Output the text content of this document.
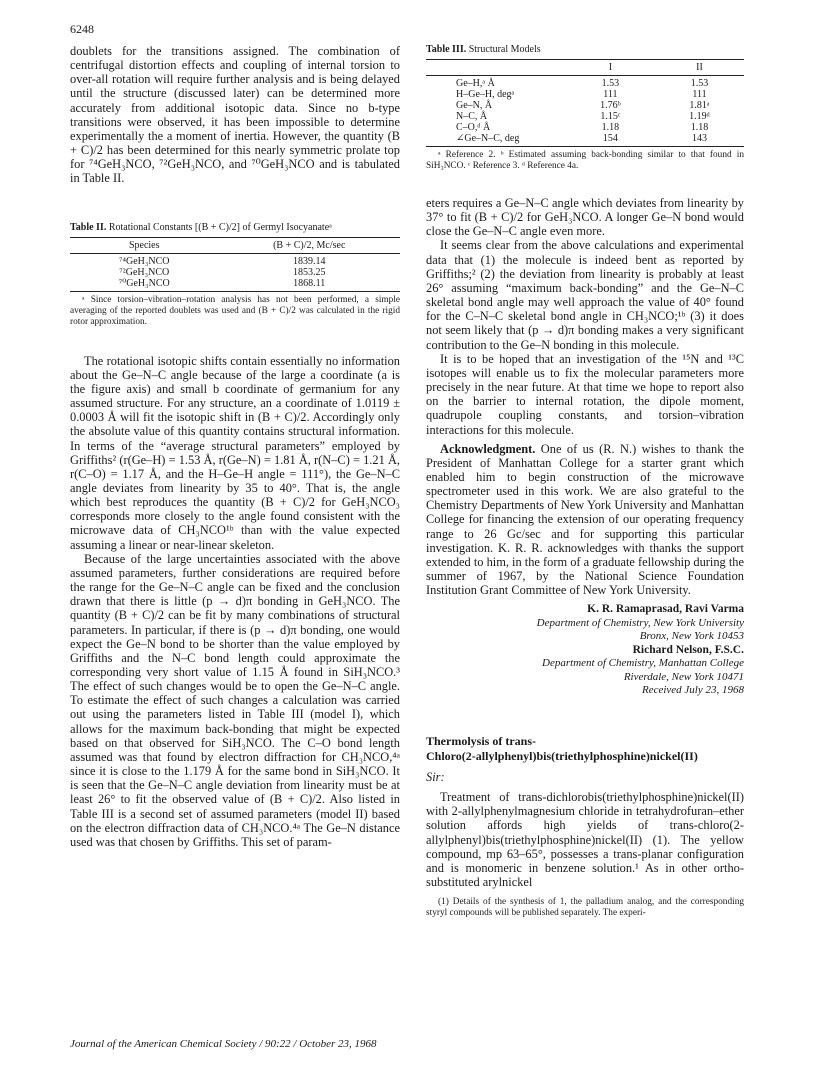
6248

doublets for the transitions assigned. The combination of centrifugal distortion effects and coupling of internal torsion to over-all rotation will require further analysis and is being delayed until the structure (discussed later) can be determined more accurately from additional isotopic data. Since no b-type transitions were observed, it has been impossible to determine experimentally the a moment of inertia. However, the quantity (B + C)/2 has been determined for this nearly symmetric prolate top for ⁷⁴GeH₃NCO, ⁷²GeH₃NCO, and ⁷⁰GeH₃NCO and is tabulated in Table II.

Table II. Rotational Constants [(B + C)/2] of Germyl Isocyanateᵃ

Species	(B + C)/2, Mc/sec
⁷⁴GeH₃NCO	1839.14
⁷²GeH₃NCO	1853.25
⁷⁰GeH₃NCO	1868.11

ᵃ Since torsion–vibration–rotation analysis has not been performed, a simple averaging of the reported doublets was used and (B + C)/2 was calculated in the rigid rotor approximation.

The rotational isotopic shifts contain essentially no information about the Ge–N–C angle because of the large a coordinate (a is the figure axis) and small b coordinate of germanium for any assumed structure. For any structure, an a coordinate of 1.0119 ± 0.0003 Å will fit the isotopic shift in (B + C)/2. Accordingly only the absolute value of this quantity contains structural information. In terms of the “average structural parameters” employed by Griffiths² (r(Ge–H) = 1.53 Å, r(Ge–N) = 1.81 Å, r(N–C) = 1.21 Å, r(C–O) = 1.17 Å, and the H–Ge–H angle = 111°), the Ge–N–C angle deviates from linearity by 35 to 40°. That is, the angle which best reproduces the quantity (B + C)/2 for GeH₃NCO₃ corresponds more closely to the angle found consistent with the microwave data of CH₃NCO¹ᵇ than with the value expected assuming a linear or near-linear skeleton.

Because of the large uncertainties associated with the above assumed parameters, further considerations are required before the range for the Ge–N–C angle can be fixed and the conclusion drawn that there is little (p → d)π bonding in GeH₃NCO. The quantity (B + C)/2 can be fit by many combinations of structural parameters. In particular, if there is (p → d)π bonding, one would expect the Ge–N bond to be shorter than the value employed by Griffiths and the N–C bond length could approximate the corresponding very short value of 1.15 Å found in SiH₃NCO.³ The effect of such changes would be to open the Ge–N–C angle. To estimate the effect of such changes a calculation was carried out using the parameters listed in Table III (model I), which allows for the maximum back-bonding that might be expected based on that observed for SiH₃NCO. The C–O bond length assumed was that found by electron diffraction for CH₃NCO,⁴ᵃ since it is close to the 1.179 Å for the same bond in SiH₃NCO. It is seen that the Ge–N–C angle deviation from linearity must be at least 26° to fit the observed value of (B + C)/2. Also listed in Table III is a second set of assumed parameters (model II) based on the electron diffraction data of CH₃NCO.⁴ᵃ The Ge–N distance used was that chosen by Griffiths. This set of param-

Table III. Structural Models

	I	II
Ge–H,ᵃ Å	1.53	1.53
H–Ge–H, degᵃ	111	111
Ge–N, Å	1.76ᵇ	1.81ᵃ
N–C, Å	1.15ᶜ	1.19ᵈ
C–O,ᵈ Å	1.18	1.18
∠Ge–N–C, deg	154	143

ᵃ Reference 2. ᵇ Estimated assuming back-bonding similar to that found in SiH₃NCO. ᶜ Reference 3. ᵈ Reference 4a.

eters requires a Ge–N–C angle which deviates from linearity by 37° to fit (B + C)/2 for GeH₃NCO. A longer Ge–N bond would close the Ge–N–C angle even more.

It seems clear from the above calculations and experimental data that (1) the molecule is indeed bent as reported by Griffiths;² (2) the deviation from linearity is probably at least 26° assuming “maximum back-bonding” and the Ge–N–C skeletal bond angle may well approach the value of 40° found for the C–N–C skeletal bond angle in CH₃NCO;¹ᵇ (3) it does not seem likely that (p → d)π bonding makes a very significant contribution to the Ge–N bonding in this molecule.

It is to be hoped that an investigation of the ¹⁵N and ¹³C isotopes will enable us to fix the molecular parameters more precisely in the near future. At that time we hope to report also on the barrier to internal rotation, the dipole moment, quadrupole coupling constants, and torsion–vibration interactions for this molecule.

Acknowledgment. One of us (R. N.) wishes to thank the President of Manhattan College for a starter grant which enabled him to begin construction of the microwave spectrometer used in this work. We are also grateful to the Chemistry Departments of New York University and Manhattan College for financing the extension of our operating frequency range to 26 Gc/sec and for supporting this particular investigation. K. R. R. acknowledges with thanks the support extended to him, in the form of a graduate fellowship during the summer of 1967, by the National Science Foundation Institution Grant Committee of New York University.

K. R. Ramaprasad, Ravi Varma
Department of Chemistry, New York University
Bronx, New York 10453
Richard Nelson, F.S.C.
Department of Chemistry, Manhattan College
Riverdale, New York 10471
Received July 23, 1968

Thermolysis of trans-

Chloro(2-allylphenyl)bis(triethylphosphine)nickel(II)

Sir:

Treatment of trans-dichlorobis(triethylphosphine)nickel(II) with 2-allylphenylmagnesium chloride in tetrahydrofuran–ether solution affords high yields of trans-chloro(2-allylphenyl)bis(triethylphosphine)nickel(II) (1). The yellow compound, mp 63–65°, possesses a trans-planar configuration and is monomeric in benzene solution.¹ As in other ortho-substituted arylnickel

(1) Details of the synthesis of 1, the palladium analog, and the corresponding styryl compounds will be published separately. The experi-

Journal of the American Chemical Society / 90:22 / October 23, 1968
